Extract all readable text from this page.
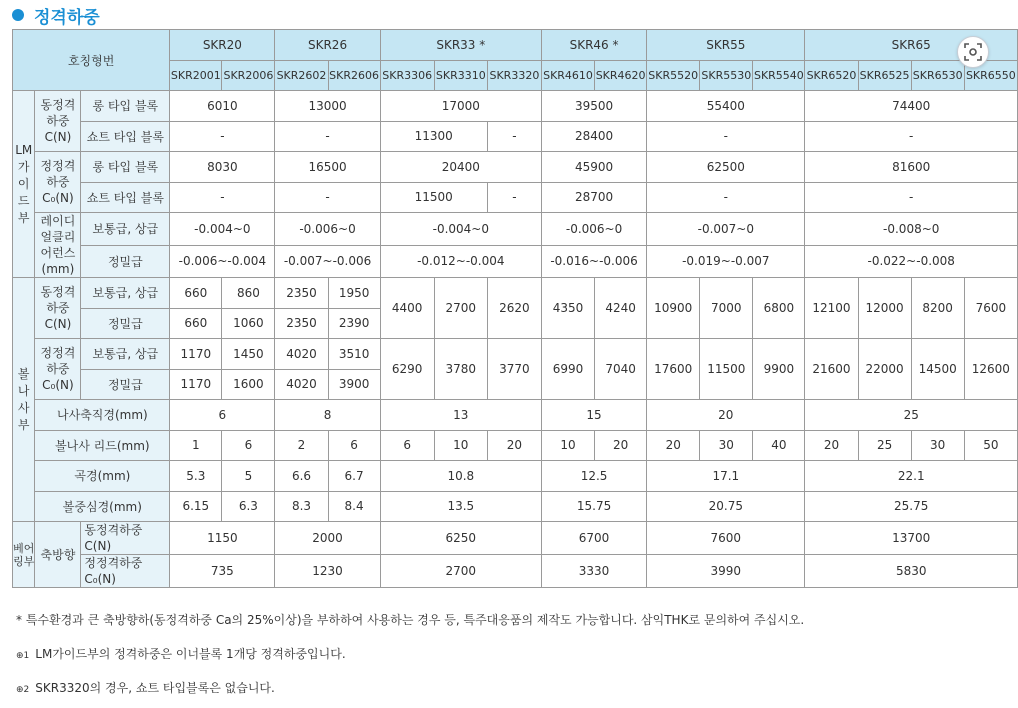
정격하중
호칭형번			SKR20		SKR26		SKR33 *			SKR46 *		SKR55			SKR65			
			SKR2001	SKR2006	SKR2602	SKR2606	SKR3306	SKR3310	SKR3320	SKR4610	SKR4620	SKR5520	SKR5530	SKR5540	SKR6520	SKR6525	SKR6530	SKR6550
LM가이드부	동정격하중 C(N)	롱 타입 블록	6010		13000		17000			39500		55400			74400			
		쇼트 타입 블록	-		-		11300		-	28400		-			-			
	정정격하중 C₀(N)	롱 타입 블록	8030		16500		20400			45900		62500			81600			
		쇼트 타입 블록	-		-		11500		-	28700		-			-			
	레이디얼클리어런스 (mm)	보통급, 상급	-0.004~0		-0.006~0		-0.004~0			-0.006~0		-0.007~0			-0.008~0			
		정밀급	-0.006~-0.004		-0.007~-0.006		-0.012~-0.004			-0.016~-0.006		-0.019~-0.007			-0.022~-0.008			
볼나사부	동정격하중 C(N)	보통급, 상급	660	860	2350	1950	4400	2700	2620	4350	4240	10900	7000	6800	12100	12000	8200	7600
		정밀급	660	1060	2350	2390												
	정정격하중 C₀(N)	보통급, 상급	1170	1450	4020	3510	6290	3780	3770	6990	7040	17600	11500	9900	21600	22000	14500	12600
		정밀급	1170	1600	4020	3900												
	나사축직경(mm)		6		8		13			15		20			25			
	볼나사 리드(mm)		1	6	2	6	6	10	20	10	20	20	30	40	20	25	30	50
	곡경(mm)		5.3	5	6.6	6.7	10.8			12.5		17.1			22.1			
	볼중심경(mm)		6.15	6.3	8.3	8.4	13.5			15.75		20.75			25.75			
베어링부	축방향	동정격하중 C(N)	1150		2000		6250			6700		7600			13700			
		정정격하중 C₀(N)	735		1230		2700			3330		3990			5830			
* 특수환경과 큰 축방향하(동정격하중 Ca의 25%이상)을 부하하여 사용하는 경우 등, 특주대응품의 제작도 가능합니다. 삼익THK로 문의하여 주십시오.
⊕1 LM가이드부의 정격하중은 이너블록 1개당 정격하중입니다.
⊕2 SKR3320의 경우, 쇼트 타입블록은 없습니다.
